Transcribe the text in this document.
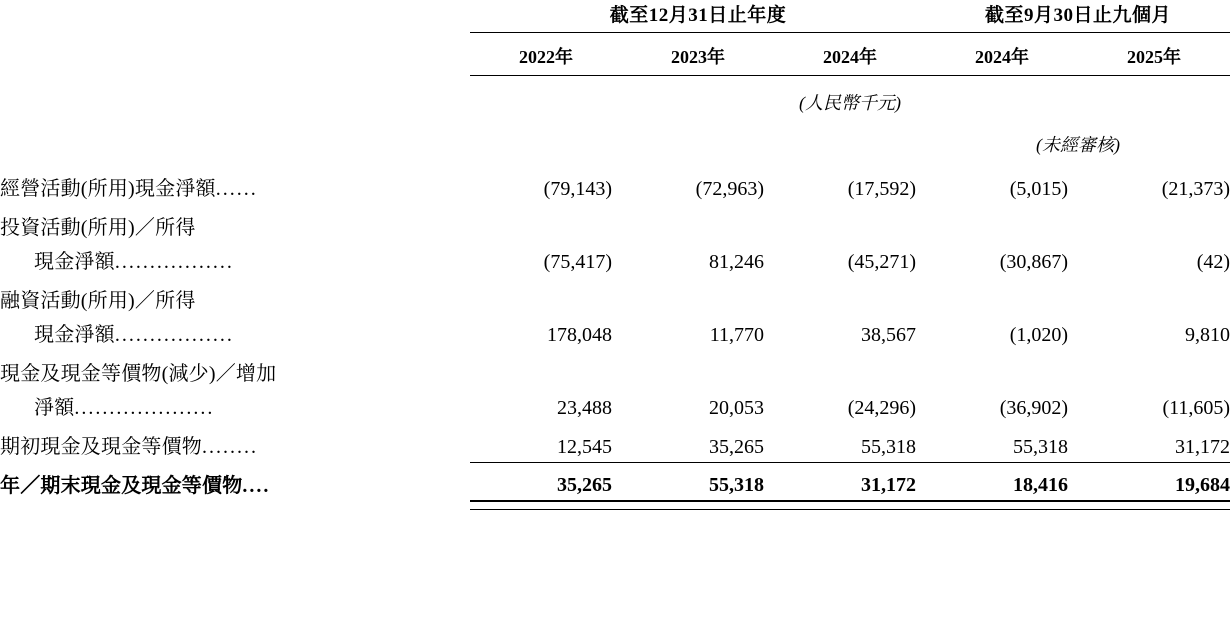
	截至12月31日止年度			截至9月30日止九個月	

	2022年	2023年	2024年	2024年	2025年

	(人民幣千元)				
				(未經審核)	
經營活動(所用)現金淨額......	(79,143)	(72,963)	(17,592)	(5,015)	(21,373)
投資活動(所用)／所得					
現金淨額.................	(75,417)	81,246	(45,271)	(30,867)	(42)
融資活動(所用)／所得					
現金淨額.................	178,048	11,770	38,567	(1,020)	9,810
現金及現金等價物(減少)／增加					
淨額....................	23,488	20,053	(24,296)	(36,902)	(11,605)
期初現金及現金等價物........	12,545	35,265	55,318	55,318	31,172
年／期末現金及現金等價物....	35,265	55,318	31,172	18,416	19,684
